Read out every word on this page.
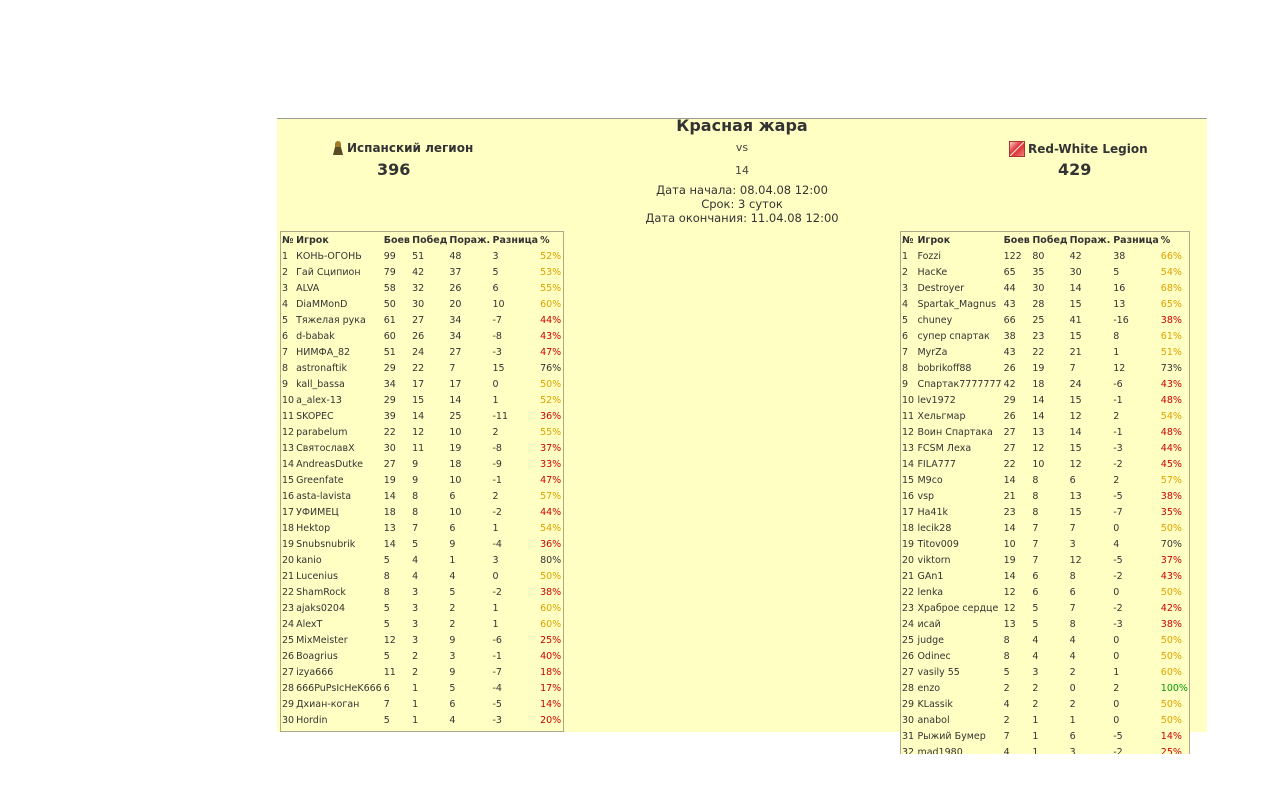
Красная жара
Испанский легион
396
vs
14
Дата начала: 08.04.08 12:00
Срок: 3 суток
Дата окончания: 11.04.08 12:00
Red-White Legion
429
№	Игрок	Боев	Побед	Пораж.	Разница	%
1	КОНЬ-ОГОНЬ	99	51	48	3	52%
2	Гай Сципион	79	42	37	5	53%
3	ALVA	58	32	26	6	55%
4	DiaMMonD	50	30	20	10	60%
5	Тяжелая рука	61	27	34	-7	44%
6	d-babak	60	26	34	-8	43%
7	НИМФА_82	51	24	27	-3	47%
8	astronaftik	29	22	7	15	76%
9	kall_bassa	34	17	17	0	50%
10	a_alex-13	29	15	14	1	52%
11	SKOPEC	39	14	25	-11	36%
12	parabelum	22	12	10	2	55%
13	СвятославX	30	11	19	-8	37%
14	AndreasDutke	27	9	18	-9	33%
15	Greenfate	19	9	10	-1	47%
16	asta-lavista	14	8	6	2	57%
17	УФИМЕЦ	18	8	10	-2	44%
18	Hektop	13	7	6	1	54%
19	Snubsnubrik	14	5	9	-4	36%
20	kanio	5	4	1	3	80%
21	Lucenius	8	4	4	0	50%
22	ShamRock	8	3	5	-2	38%
23	ajaks0204	5	3	2	1	60%
24	AlexT	5	3	2	1	60%
25	MixMeister	12	3	9	-6	25%
26	Boagrius	5	2	3	-1	40%
27	izya666	11	2	9	-7	18%
28	666PuPsIcHeK666	6	1	5	-4	17%
29	Дхиан-коган	7	1	6	-5	14%
30	Hordin	5	1	4	-3	20%
№	Игрок	Боев	Побед	Пораж.	Разница	%
1	Fozzi	122	80	42	38	66%
2	HacKe	65	35	30	5	54%
3	Destroyer	44	30	14	16	68%
4	Spartak_Magnus	43	28	15	13	65%
5	chuney	66	25	41	-16	38%
6	супер спартак	38	23	15	8	61%
7	MyrZa	43	22	21	1	51%
8	bobrikoff88	26	19	7	12	73%
9	Спартак7777777	42	18	24	-6	43%
10	lev1972	29	14	15	-1	48%
11	Хельгмар	26	14	12	2	54%
12	Воин Спартака	27	13	14	-1	48%
13	FCSM Леха	27	12	15	-3	44%
14	FILA777	22	10	12	-2	45%
15	M9co	14	8	6	2	57%
16	vsp	21	8	13	-5	38%
17	Ha41k	23	8	15	-7	35%
18	lecik28	14	7	7	0	50%
19	Titov009	10	7	3	4	70%
20	viktorn	19	7	12	-5	37%
21	GAn1	14	6	8	-2	43%
22	lenka	12	6	6	0	50%
23	Храброе сердце	12	5	7	-2	42%
24	исай	13	5	8	-3	38%
25	judge	8	4	4	0	50%
26	Odinec	8	4	4	0	50%
27	vasily 55	5	3	2	1	60%
28	enzo	2	2	0	2	100%
29	KLassik	4	2	2	0	50%
30	anabol	2	1	1	0	50%
31	Рыжий Бумер	7	1	6	-5	14%
32	mad1980	4	1	3	-2	25%
